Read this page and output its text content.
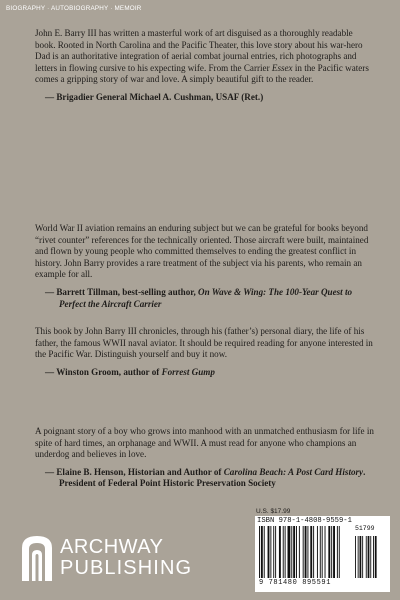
BIOGRAPHY · AUTOBIOGRAPHY · MEMOIR

John E. Barry III has written a masterful work of art disguised as a thoroughly readable book. Rooted in North Carolina and the Pacific Theater, this love story about his war-hero Dad is an authoritative integration of aerial combat journal entries, rich photographs and letters in flowing cursive to his expecting wife. From the Carrier Essex in the Pacific waters comes a gripping story of war and love. A simply beautiful gift to the reader.

— Brigadier General Michael A. Cushman, USAF (Ret.)

World War II aviation remains an enduring subject but we can be grateful for books beyond “rivet counter” references for the technically oriented. Those aircraft were built, maintained and flown by young people who committed themselves to ending the greatest conflict in history. John Barry provides a rare treatment of the subject via his parents, who remain an example for all.

— Barrett Tillman, best-selling author, On Wave & Wing: The 100-Year Quest to Perfect the Aircraft Carrier

This book by John Barry III chronicles, through his (father’s) personal diary, the life of his father, the famous WWII naval aviator. It should be required reading for anyone interested in the Pacific War. Distinguish yourself and buy it now.

— Winston Groom, author of Forrest Gump

A poignant story of a boy who grows into manhood with an unmatched enthusiasm for life in spite of hard times, an orphanage and WWII. A must read for anyone who champions an underdog and believes in love.

— Elaine B. Henson, Historian and Author of Carolina Beach: A Post Card History. President of Federal Point Historic Preservation Society

U.S. $17.99
ARCHWAY
PUBLISHING
ISBN 978-1-4808-9559-1
51799
9 781480 895591
